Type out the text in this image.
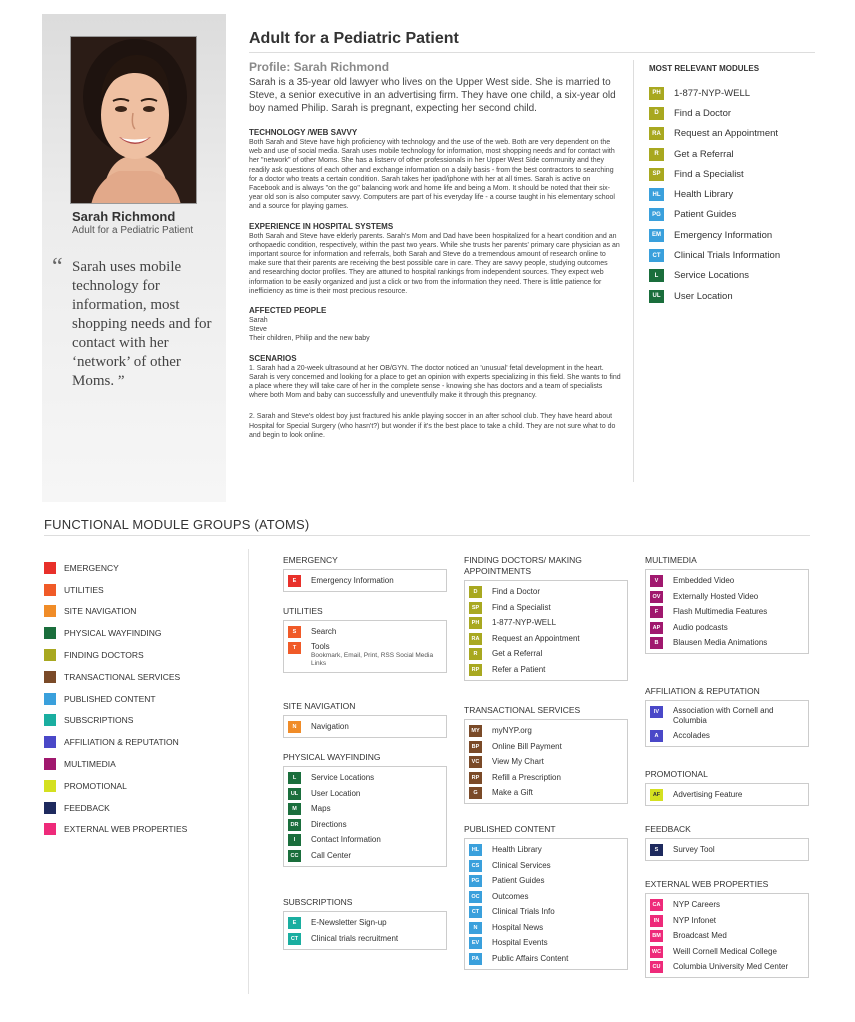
Sarah Richmond
Adult for a Pediatric Patient
“ Sarah uses mobile technology for information, most shopping needs and for contact with her ‘network’ of other Moms. ”
Adult for a Pediatric Patient
Profile: Sarah Richmond
Sarah is a 35-year old lawyer who lives on the Upper West side. She is married to Steve, a senior executive in an advertising firm. They have one child, a six-year old boy named Philip. Sarah is pregnant, expecting her second child.
TECHNOLOGY /WEB SAVVY

Both Sarah and Steve have high proficiency with technology and the use of the web. Both are very dependent on the web and use of social media. Sarah uses mobile technology for information, most shopping needs and for contact with her "network" of other Moms. She has a listserv of other professionals in her Upper West Side community and they readily ask questions of each other and exchange information on a daily basis - from the best contractors to searching for a doctor who treats a certain condition. Sarah takes her ipad/iphone with her at all times. Sarah is active on Facebook and is always "on the go" balancing work and home life and being a Mom. It should be noted that their six-year old son is also computer savvy. Computers are part of his everyday life - a course taught in his elementary school and a source for playing games.

EXPERIENCE IN HOSPITAL SYSTEMS

Both Sarah and Steve have elderly parents. Sarah's Mom and Dad have been hospitalized for a heart condition and an orthopaedic condition, respectively, within the past two years. While she trusts her parents' primary care physician as an important source for information and referrals, both Sarah and Steve do a tremendous amount of research online to make sure that their parents are receiving the best possible care in care. They are savvy people, studying outcomes and researching doctor profiles. They are attuned to hospital rankings from independent sources. They expect web information to be easily organized and just a click or two from the information they need. There is little patience for inefficiency as time is their most precious resource.

AFFECTED PEOPLE

Sarah
Steve
Their children, Philip and the new baby

SCENARIOS

1. Sarah had a 20-week ultrasound at her OB/GYN. The doctor noticed an 'unusual' fetal development in the heart. Sarah is very concerned and looking for a place to get an opinion with experts specializing in this field. She wants to find a place where they will take care of her in the complete sense - knowing she has doctors and a team of specialists where both Mom and baby can successfully and uneventfully make it through this pregnancy.

2. Sarah and Steve's oldest boy just fractured his ankle playing soccer in an after school club. They have heard about Hospital for Special Surgery (who hasn't?) but wonder if it's the best place to take a child. They are not sure what to do and begin to look online.

MOST RELEVANT MODULES
PH	1-877-NYP-WELL
D	Find a Doctor
RA	Request an Appointment
R	Get a Referral
SP	Find a Specialist
HL	Health Library
PG	Patient Guides
EM	Emergency Information
CT	Clinical Trials Information
L	Service Locations
UL	User Location
FUNCTIONAL MODULE GROUPS (ATOMS)
EMERGENCY
UTILITIES
SITE NAVIGATION
PHYSICAL WAYFINDING
FINDING DOCTORS
TRANSACTIONAL SERVICES
PUBLISHED CONTENT
SUBSCRIPTIONS
AFFILIATION & REPUTATION
MULTIMEDIA
PROMOTIONAL
FEEDBACK
EXTERNAL WEB PROPERTIES
EMERGENCY
E	Emergency Information
UTILITIES
S	Search
T	Tools
Bookmark, Email, Print, RSS Social Media Links
SITE NAVIGATION
N	Navigation
PHYSICAL WAYFINDING
L	Service Locations
UL	User Location
M	Maps
DR	Directions
I	Contact Information
CC	Call Center
SUBSCRIPTIONS
E	E-Newsletter Sign-up
CT	Clinical trials recruitment
FINDING DOCTORS/ MAKING APPOINTMENTS
D	Find a Doctor
SP	Find a Specialist
PH	1-877-NYP-WELL
RA	Request an Appointment
R	Get a Referral
RP	Refer a Patient
TRANSACTIONAL SERVICES
MY myNYP.org
BP	Online Bill Payment
VC	View My Chart
RP	Refill a Prescription
G	Make a Gift
PUBLISHED CONTENT
HL	Health Library
CS	Clinical Services
PG	Patient Guides
OC Outcomes
CT	Clinical Trials Info
N	Hospital News
EV	Hospital Events
PA	Public Affairs Content
MULTIMEDIA
V	Embedded Video
OV	Externally Hosted Video
F	Flash Multimedia Features
AP	Audio podcasts
B	Blausen Media Animations
AFFILIATION & REPUTATION
IV	Association with Cornell and Columbia
A	Accolades
PROMOTIONAL
AF	Advertising Feature
FEEDBACK
S	Survey Tool
EXTERNAL WEB PROPERTIES
CA	NYP Careers
IN	NYP Infonet
BM Broadcast Med
WC Weill Cornell Medical College
CU	Columbia University Med Center
